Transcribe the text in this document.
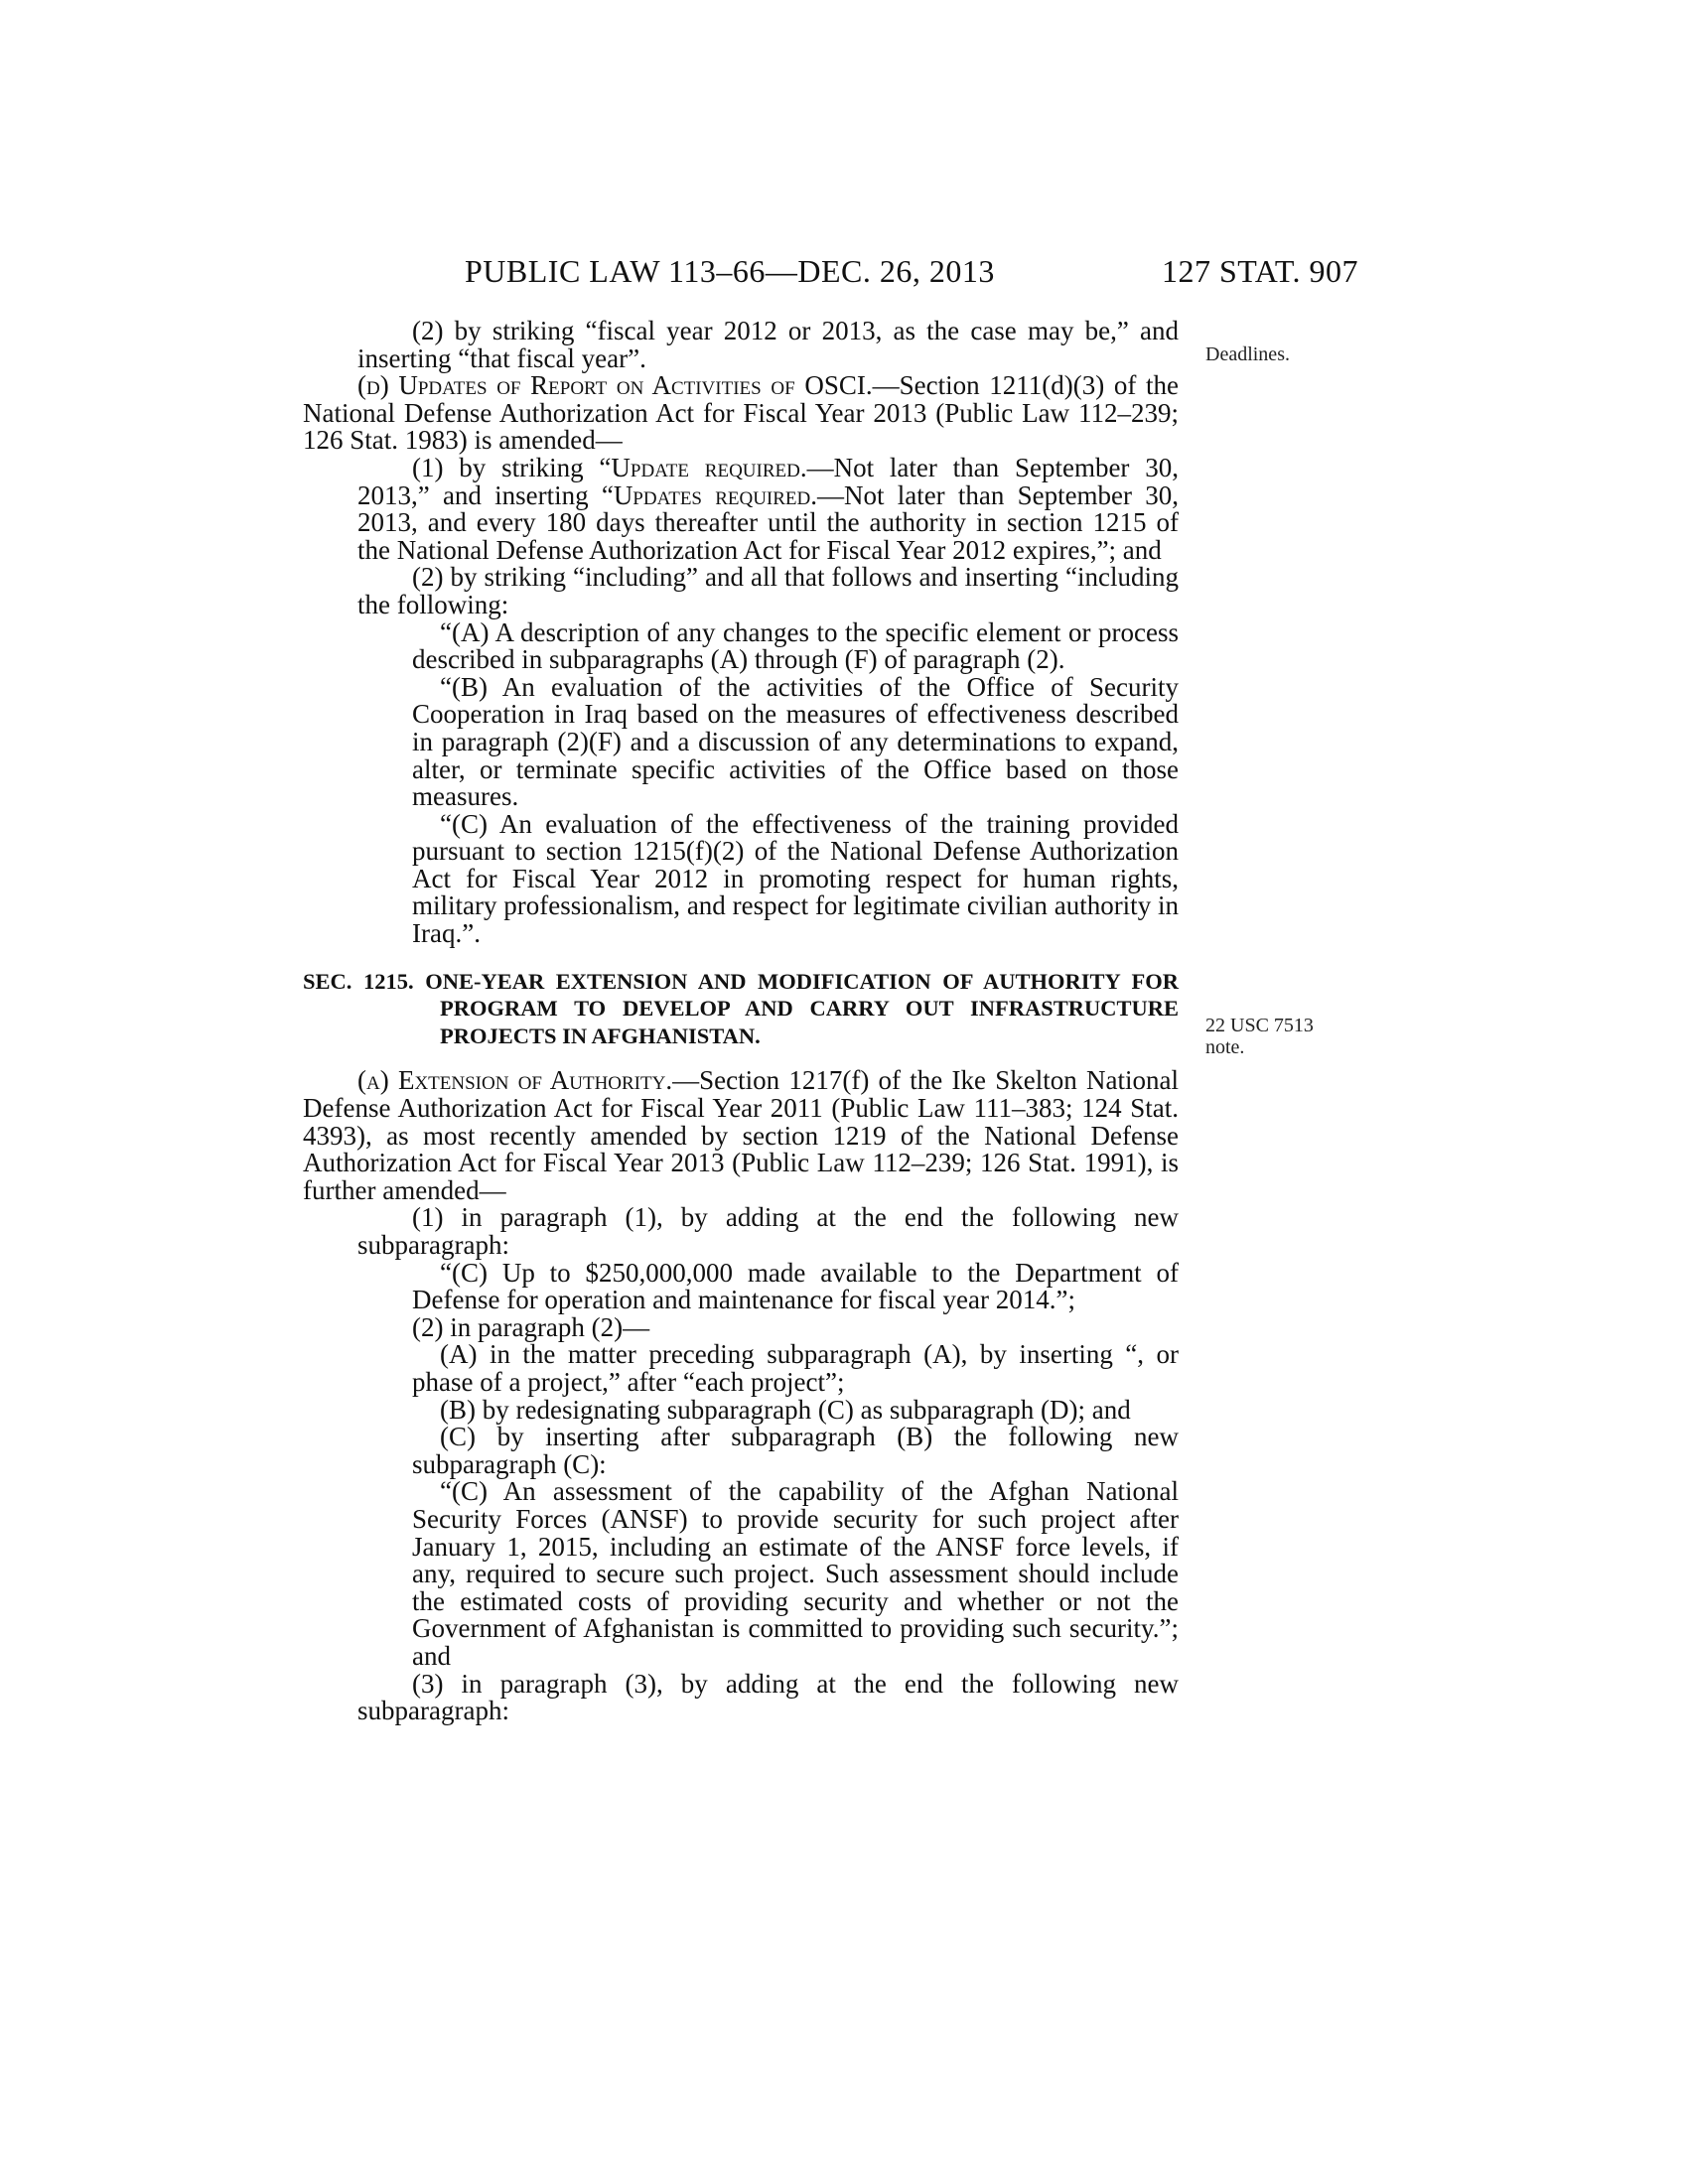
PUBLIC LAW 113–66—DEC. 26, 2013	127 STAT. 907
Deadlines.
22 USC 7513 note.

(2) by striking “fiscal year 2012 or 2013, as the case may be,” and inserting “that fiscal year”.

(d) Updates of Report on Activities of OSCI.—Section 1211(d)(3) of the National Defense Authorization Act for Fiscal Year 2013 (Public Law 112–239; 126 Stat. 1983) is amended—

(1) by striking “Update required.—Not later than September 30, 2013,” and inserting “Updates required.—Not later than September 30, 2013, and every 180 days thereafter until the authority in section 1215 of the National Defense Authorization Act for Fiscal Year 2012 expires,”; and

(2) by striking “including” and all that follows and inserting “including the following:

“(A) A description of any changes to the specific element or process described in subparagraphs (A) through (F) of paragraph (2).

“(B) An evaluation of the activities of the Office of Security Cooperation in Iraq based on the measures of effectiveness described in paragraph (2)(F) and a discussion of any determinations to expand, alter, or terminate specific activities of the Office based on those measures.

“(C) An evaluation of the effectiveness of the training provided pursuant to section 1215(f)(2) of the National Defense Authorization Act for Fiscal Year 2012 in promoting respect for human rights, military professionalism, and respect for legitimate civilian authority in Iraq.”.

SEC. 1215. ONE-YEAR EXTENSION AND MODIFICATION OF AUTHORITY FOR PROGRAM TO DEVELOP AND CARRY OUT INFRASTRUCTURE PROJECTS IN AFGHANISTAN.

(a) Extension of Authority.—Section 1217(f) of the Ike Skelton National Defense Authorization Act for Fiscal Year 2011 (Public Law 111–383; 124 Stat. 4393), as most recently amended by section 1219 of the National Defense Authorization Act for Fiscal Year 2013 (Public Law 112–239; 126 Stat. 1991), is further amended—

(1) in paragraph (1), by adding at the end the following new subparagraph:

“(C) Up to $250,000,000 made available to the Department of Defense for operation and maintenance for fiscal year 2014.”;

(2) in paragraph (2)—

(A) in the matter preceding subparagraph (A), by inserting “, or phase of a project,” after “each project”;

(B) by redesignating subparagraph (C) as subparagraph (D); and

(C) by inserting after subparagraph (B) the following new subparagraph (C):

“(C) An assessment of the capability of the Afghan National Security Forces (ANSF) to provide security for such project after January 1, 2015, including an estimate of the ANSF force levels, if any, required to secure such project. Such assessment should include the estimated costs of providing security and whether or not the Government of Afghanistan is committed to providing such security.”; and

(3) in paragraph (3), by adding at the end the following new subparagraph:
